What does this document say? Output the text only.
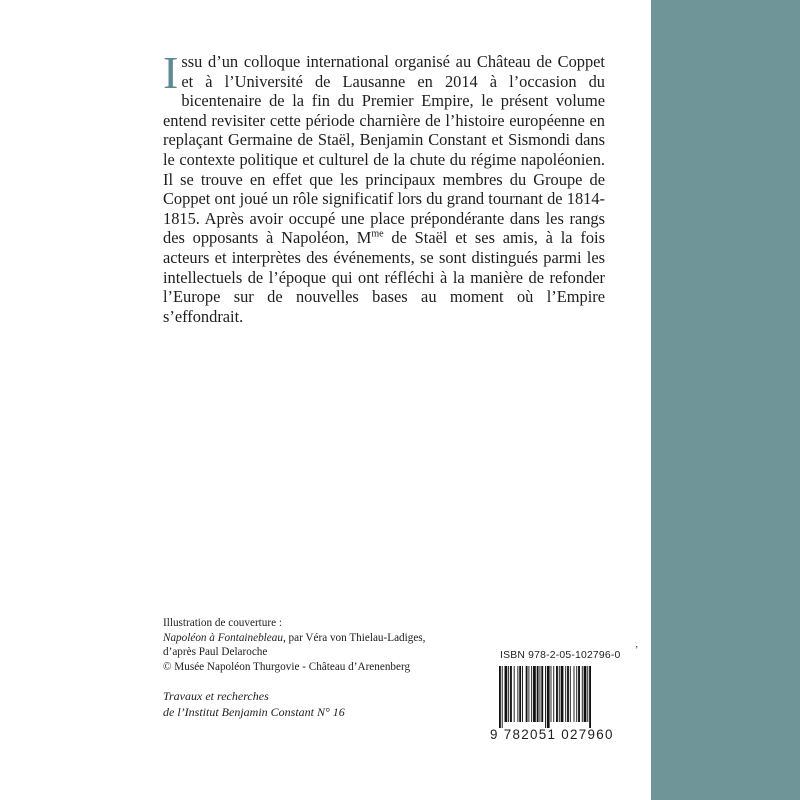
Issu d’un colloque international organisé au Château de Coppet et à l’Université de Lausanne en 2014 à l’occasion du bicentenaire de la fin du Premier Empire, le présent volume entend revisiter cette période charnière de l’histoire européenne en replaçant Germaine de Staël, Benjamin Constant et Sismondi dans le contexte politique et culturel de la chute du régime napoléonien. Il se trouve en effet que les principaux membres du Groupe de Coppet ont joué un rôle significatif lors du grand tournant de 1814-1815. Après avoir occupé une place prépondérante dans les rangs des opposants à Napoléon, $M^{me}$ de Staël et ses amis, à la fois acteurs et interprètes des événements, se sont distingués parmi les intellectuels de l’époque qui ont réfléchi à la manière de refonder l’Europe sur de nouvelles bases au moment où l’Empire s’effondrait.

Illustration de couverture :
Napoléon à Fontainebleau, par Véra von Thielau-Ladiges,
d’après Paul Delaroche
© Musée Napoléon Thurgovie - Château d’Arenenberg
Travaux et recherches
de l’Institut Benjamin Constant N° 16
ISBN 978-2-05-102796-0
9 782051 027960
’
